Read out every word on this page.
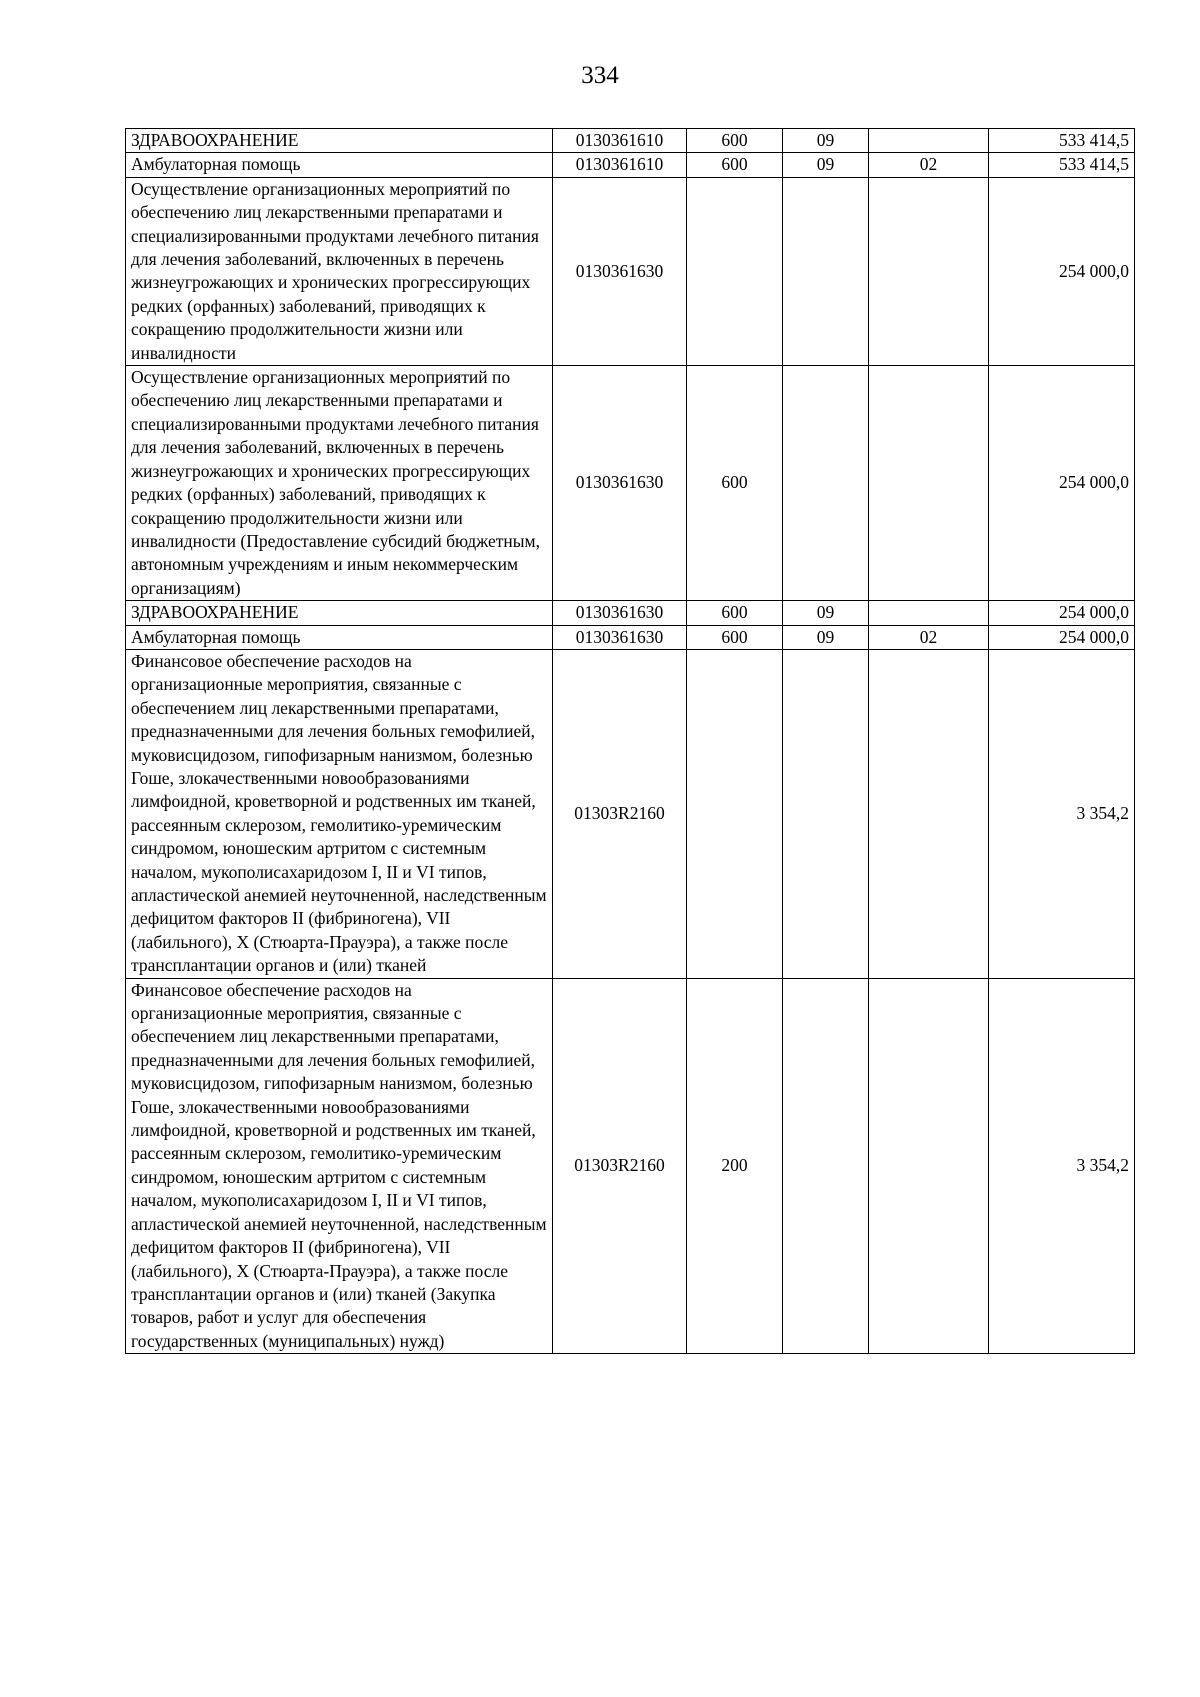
334
ЗДРАВООХРАНЕНИЕ	0130361610	600	09		533 414,5
Амбулаторная помощь	0130361610	600	09	02	533 414,5
Осуществление организационных мероприятий по обеспечению лиц лекарственными препаратами и специализированными продуктами лечебного питания для лечения заболеваний, включенных в перечень жизнеугрожающих и хронических прогрессирующих редких (орфанных) заболеваний, приводящих к сокращению продолжительности жизни или инвалидности	0130361630				254 000,0
Осуществление организационных мероприятий по обеспечению лиц лекарственными препаратами и специализированными продуктами лечебного питания для лечения заболеваний, включенных в перечень жизнеугрожающих и хронических прогрессирующих редких (орфанных) заболеваний, приводящих к сокращению продолжительности жизни или инвалидности (Предоставление субсидий бюджетным, автономным учреждениям и иным некоммерческим организациям)	0130361630	600			254 000,0
ЗДРАВООХРАНЕНИЕ	0130361630	600	09		254 000,0
Амбулаторная помощь	0130361630	600	09	02	254 000,0
Финансовое обеспечение расходов на организационные мероприятия, связанные с обеспечением лиц лекарственными препаратами, предназначенными для лечения больных гемофилией, муковисцидозом, гипофизарным нанизмом, болезнью Гоше, злокачественными новообразованиями лимфоидной, кроветворной и родственных им тканей, рассеянным склерозом, гемолитико-уремическим синдромом, юношеским артритом с системным началом, мукополисахаридозом I, II и VI типов, апластической анемией неуточненной, наследственным дефицитом факторов II (фибриногена), VII (лабильного), X (Стюарта-Прауэра), а также после трансплантации органов и (или) тканей	01303R2160				3 354,2
Финансовое обеспечение расходов на организационные мероприятия, связанные с обеспечением лиц лекарственными препаратами, предназначенными для лечения больных гемофилией, муковисцидозом, гипофизарным нанизмом, болезнью Гоше, злокачественными новообразованиями лимфоидной, кроветворной и родственных им тканей, рассеянным склерозом, гемолитико-уремическим синдромом, юношеским артритом с системным началом, мукополисахаридозом I, II и VI типов, апластической анемией неуточненной, наследственным дефицитом факторов II (фибриногена), VII (лабильного), X (Стюарта-Прауэра), а также после трансплантации органов и (или) тканей (Закупка товаров, работ и услуг для обеспечения государственных (муниципальных) нужд)	01303R2160	200			3 354,2
